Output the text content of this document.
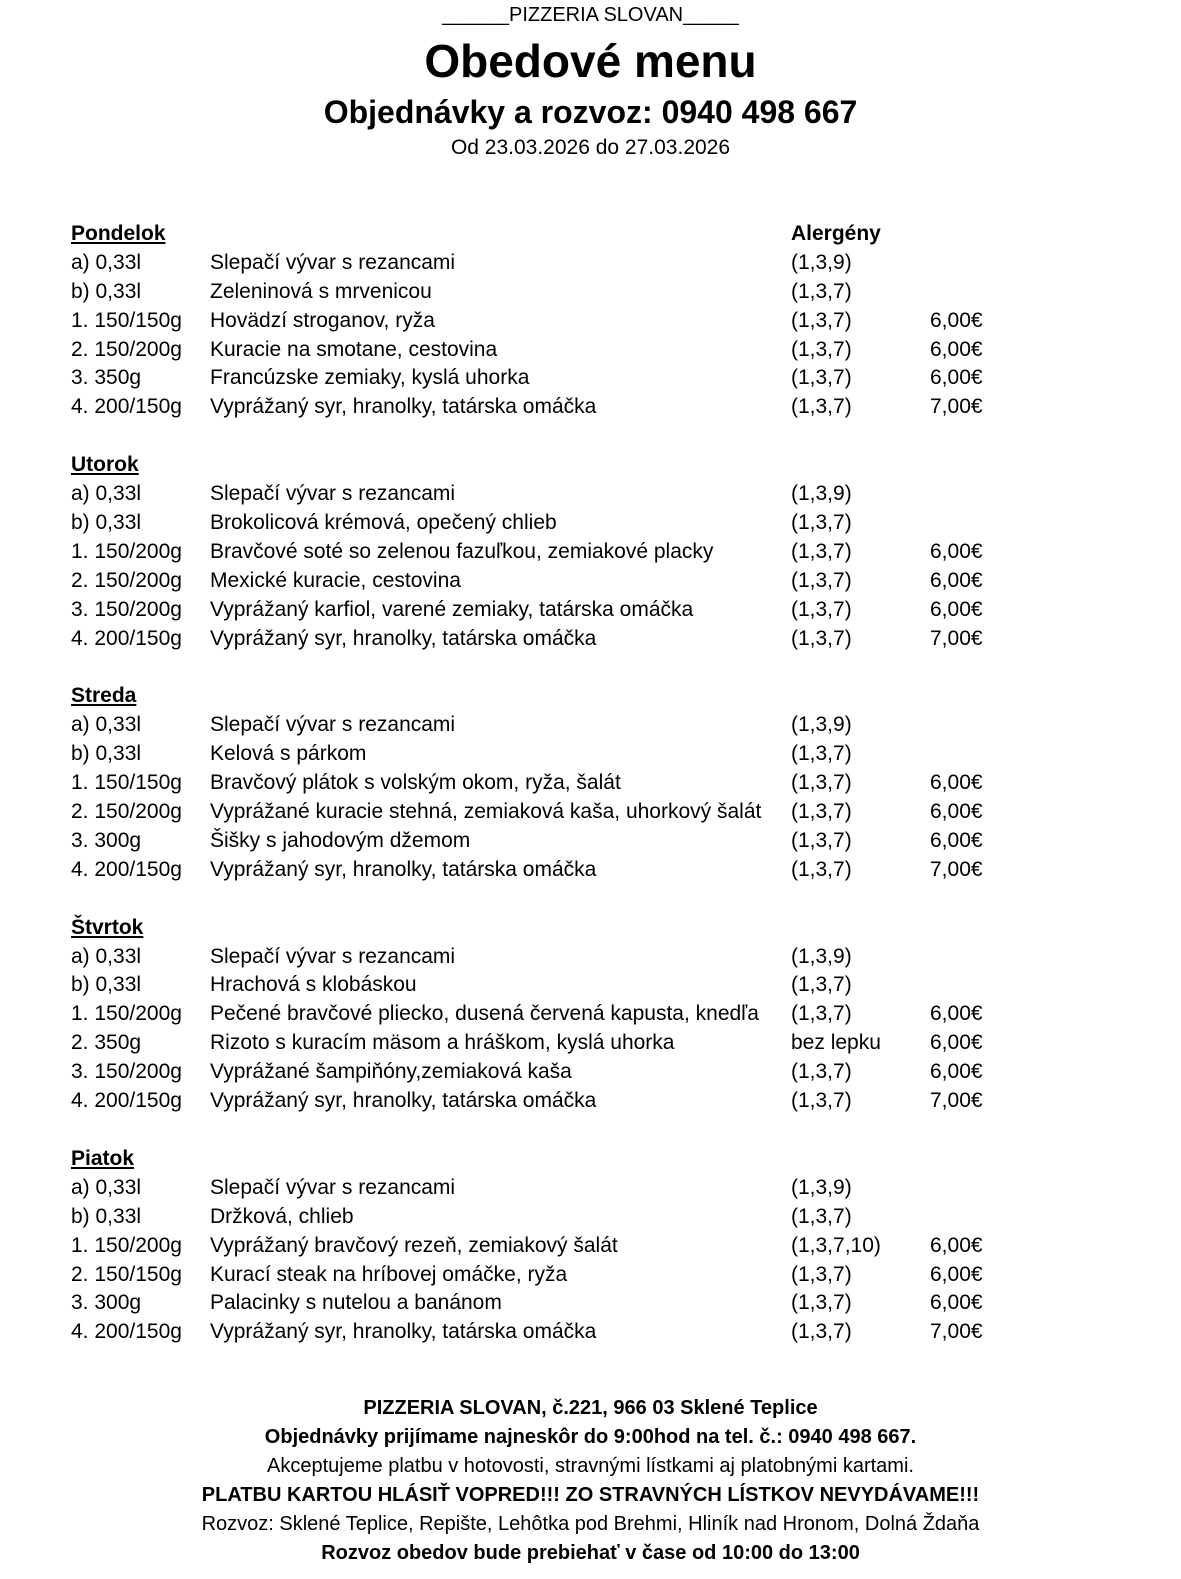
______PIZZERIA SLOVAN_____
Obedové menu
Objednávky a rozvoz: 0940 498 667
Od 23.03.2026 do 27.03.2026
Pondelok	Alergény
a) 0,33l	Slepačí vývar s rezancami	(1,3,9)
b) 0,33l	Zeleninová s mrvenicou	(1,3,7)
1. 150/150g Hovädzí stroganov, ryža	(1,3,7)	6,00€
2. 150/200g Kuracie na smotane, cestovina	(1,3,7)	6,00€
3. 350g	Francúzske zemiaky, kyslá uhorka	(1,3,7)	6,00€
4. 200/150g Vyprážaný syr, hranolky, tatárska omáčka	(1,3,7)	7,00€
Utorok
a) 0,33l	Slepačí vývar s rezancami	(1,3,9)
b) 0,33l	Brokolicová krémová, opečený chlieb	(1,3,7)
1. 150/200g Bravčové soté so zelenou fazuľkou, zemiakové placky	(1,3,7)	6,00€
2. 150/200g Mexické kuracie, cestovina	(1,3,7)	6,00€
3. 150/200g Vyprážaný karfiol, varené zemiaky, tatárska omáčka	(1,3,7)	6,00€
4. 200/150g Vyprážaný syr, hranolky, tatárska omáčka	(1,3,7)	7,00€
Streda
a) 0,33l	Slepačí vývar s rezancami	(1,3,9)
b) 0,33l	Kelová s párkom	(1,3,7)
1. 150/150g Bravčový plátok s volským okom, ryža, šalát	(1,3,7)	6,00€
2. 150/200g Vyprážané kuracie stehná, zemiaková kaša, uhorkový šalát (1,3,7)	6,00€
3. 300g	Šišky s jahodovým džemom	(1,3,7)	6,00€
4. 200/150g Vyprážaný syr, hranolky, tatárska omáčka	(1,3,7)	7,00€
Štvrtok
a) 0,33l	Slepačí vývar s rezancami	(1,3,9)
b) 0,33l	Hrachová s klobáskou	(1,3,7)
1. 150/200g Pečené bravčové pliecko, dusená červená kapusta, knedľa (1,3,7)	6,00€
2. 350g	Rizoto s kuracím mäsom a hráškom, kyslá uhorka	bez lepku 6,00€
3. 150/200g Vyprážané šampiňóny,zemiaková kaša	(1,3,7)	6,00€
4. 200/150g Vyprážaný syr, hranolky, tatárska omáčka	(1,3,7)	7,00€
Piatok
a) 0,33l	Slepačí vývar s rezancami	(1,3,9)
b) 0,33l	Držková, chlieb	(1,3,7)
1. 150/200g Vyprážaný bravčový rezeň, zemiakový šalát	(1,3,7,10) 6,00€
2. 150/150g Kurací steak na hríbovej omáčke, ryža	(1,3,7)	6,00€
3. 300g	Palacinky s nutelou a banánom	(1,3,7)	6,00€
4. 200/150g Vyprážaný syr, hranolky, tatárska omáčka	(1,3,7)	7,00€
PIZZERIA SLOVAN, č.221, 966 03 Sklené Teplice
Objednávky prijímame najneskôr do 9:00hod na tel. č.: 0940 498 667.
Akceptujeme platbu v hotovosti, stravnými lístkami aj platobnými kartami.
PLATBU KARTOU HLÁSIŤ VOPRED!!! ZO STRAVNÝCH LÍSTKOV NEVYDÁVAME!!!
Rozvoz: Sklené Teplice, Repište, Lehôtka pod Brehmi, Hliník nad Hronom, Dolná Ždaňa
Rozvoz obedov bude prebiehať v čase od 10:00 do 13:00
